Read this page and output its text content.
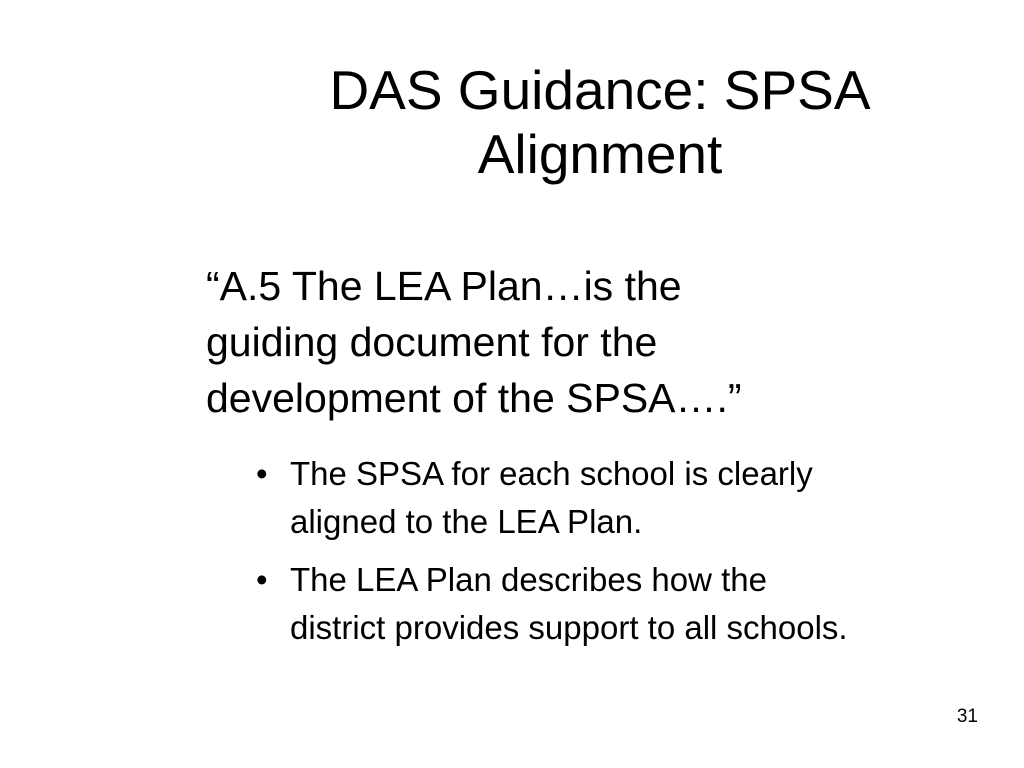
DAS Guidance: SPSA
Alignment

“A.5 The LEA Plan…is the
guiding document for the
development of the SPSA….”

• The SPSA for each school is clearly
aligned to the LEA Plan.
• The LEA Plan describes how the
district provides support to all schools.
31
